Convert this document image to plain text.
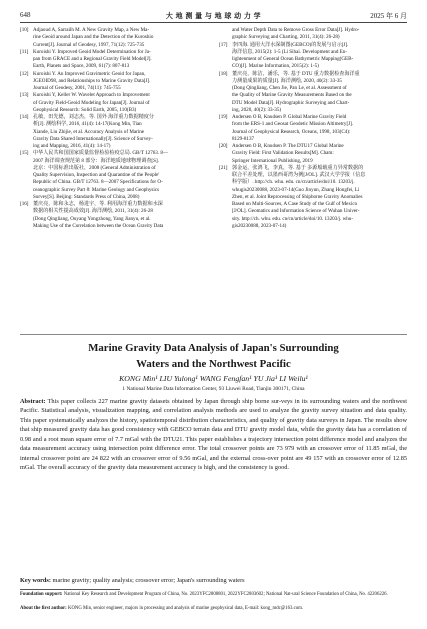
648	大 地 测 量 与 地 球 动 力 学	2025 年 6 月
[10] Adjaoud A, Sarrailh M. A New Gravity Map, a New Ma-
rine Geoid around Japan and the Detection of the Kuroshio
Current[J]. Journal of Geodesy, 1997, 71(12): 725-735
[11] Kuroishi Y. Improved Geoid Model Determination for Ja-
pan from GRACE and a Regional Gravity Field Model[J].
Earth, Planets and Space, 2009, 61(7): 807-813
[12] Kuroishi Y. An Improved Gravimetric Geoid for Japan,
JGEOID98, and Relationships to Marine Gravity Data[J].
Journal of Geodesy, 2001, 74(11): 745-755
[13] Kuroishi Y, Keller W. Wavelet Approach to Improvement
of Gravity Field-Geoid Modeling for Japan[J]. Journal of
Geophysical Research: Solid Earth, 2005, 110(B3)
[14] 孔敏，田先德，刘志杰，等. 国外 海洋重力数据精度分
析[J]. 测绘科学, 2016, 41(4): 14-17(Kong Min, Tian
Xiande, Liu Zhijie, et al. Accuracy Analysis of Marine
Gravity Data Shared Internationally[J]. Science of Survey-
ing and Mapping, 2016, 41(4): 14-17)
[15] 中华人民共和国国家质量监督检验检疫总局. GB/T 12763. 8—
2007 海洋调查规范第 8 部分：海洋地质地球物理调查[S].
北京：中国标准出版社，2008 (General Administration of
Quality Supervision, Inspection and Quarantine of the People'
Republic of China. GB/T 12763. 8—2007 Specifications for O-
ceanographic Survey Part 8: Marine Geology and Geophysics
Survey[S]. Beijing: Standards Press of China, 2008)
[16] 董庆亮，陈和永志，杨进宇，等. 利用海洋重力数据和水深
数据的相关性提高成效[J]. 海洋测绘, 2011, 31(4): 26-28
(Dong Qingliang, Ouyang Yongzhong, Yang Jianyu, et al.
Making Use of the Correlation between the Ocean Gravity Data
and Water Depth Data to Remove Gross Error Data[J]. Hydro-
graphic Surveying and Charting, 2011, 31(4): 26-28)
[17] 李四海. 通用大洋水深制图(GEBCO)的发展与启示[J].
海洋信息, 2015(2): 1-5 (Li Sihai. Development and En-
lightenment of General Ocean Bathymetric Mapping(GEB-
CO)[J]. Marine Information, 2015(2): 1-5)
[18] 董庆亮，陈洁，潘乐，等. 基于 DTU 重力数据检查海洋重
力测量成果的质量[J]. 海洋测绘, 2020, 40(2): 33-35
(Dong Qingliang, Chen Jie, Pan Le, et al. Assessment of
the Quality of Marine Gravity Measurements Based on the
DTU Model Data[J]. Hydrographic Surveying and Chart-
ing, 2020, 40(2): 33-35)
[19] Andersen O B, Knudsen P. Global Marine Gravity Field
from the ERS-1 and Geosat Geodetic Mission Altimetry[J].
Journal of Geophysical Research, Oceans, 1998, 103(C4):
8129-8137
[20] Andersen O B, Knudsen P. The DTU17 Global Marine
Gravity Field: First Validation Results[M]. Cham:
Springer International Publishing, 2019
[21] 郭金运，张鸿飞，李真，等. 基于 多源船载重力异常数据的
联合平差处理，以墨西哥湾为例[J/OL]. 武汉大学学报（信息
科学版）. http://ch. whu. edu. cn/cn/article/doi/10. 13203/j.
whugis20230088, 2023-07-14(Guo Jinyun, Zhang Hongfei, Li
Zhen, et al. Joint Reprocessing of Shipborne Gravity Anomalies
Based on Multi-Sources, A Case Study of the Gulf of Mexico
[J/OL]. Geomatics and Information Science of Wuhan Univer-
sity. http://ch. whu. edu. cn/cn/article/doi/10. 13203/j. whu-
gis20230088, 2023-07-14)
Marine Gravity Data Analysis of Japan's Surrounding
Waters and the Northwest Pacific
KONG Min¹ LIU Yulong¹ WANG Fengfan¹ YU Jia¹ LI Weilu¹
1 National Marine Data Information Center, 93 Liuwei Road, Tianjin 300171, China
Abstract: This paper collects 227 marine gravity datasets obtained by Japan through ship borne sur-veys in its surrounding waters and the northwest Pacific. Statistical analysis, visualization mapping, and correlation analysis methods are used to analyze the gravity survey situation and data quality. This paper systematically analyzes the history, spatiotemporal distribution characteristics, and quality of gravity data surveys in Japan. The results show that ship measured gravity data has good consistency with GEBCO terrain data and DTU gravity model data, while the gravity data has a correlation of 0.98 and a root mean square error of 7.7 mGal with the DTU21. This paper establishes a trajectory intersection point difference model and analyzes the data measurement accuracy using intersection point difference error. The total crossover points are 73 979 with an crossover error of 11.85 mGal, the internal crossover point are 24 822 with an crossover error of 9.56 mGal, and the external cross-over point are 49 157 with an crossover error of 12.85 mGal. The overall accuracy of the gravity data measurement accuracy is high, and the consistency is good.
Key words: marine gravity; quality analysis; crossover error; Japan's surrounding waters
Foundation support: National Key Research and Development Program of China, No. 2023YFC2808801, 2022YFC2803602; National Nat-ural Science Foundation of China, No. 42206226.
About the first author: KONG Min, senior engineer, majors in processing and analysis of marine geophysical data, E-mail: kong_mdc@163.com.
